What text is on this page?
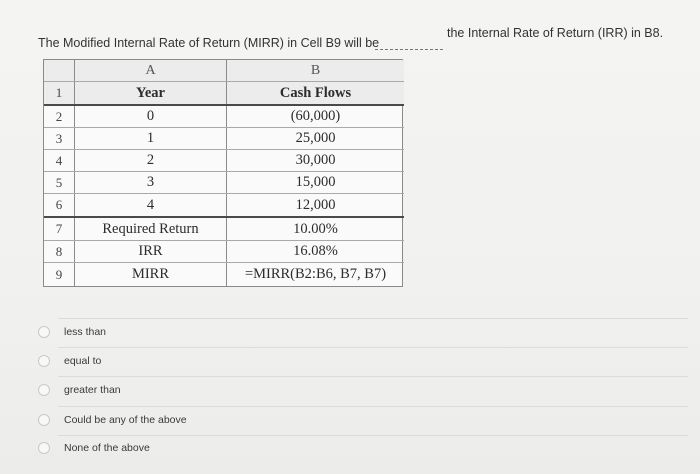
The Modified Internal Rate of Return (MIRR) in Cell B9 will be
the Internal Rate of Return (IRR) in B8.
A	B
1	Year	Cash Flows
2	0	(60,000)
3	1	25,000
4	2	30,000
5	3	15,000
6	4	12,000
7	Required Return	10.00%
8	IRR	16.08%
9	MIRR	=MIRR(B2:B6, B7, B7)
less than
equal to
greater than
Could be any of the above
None of the above
